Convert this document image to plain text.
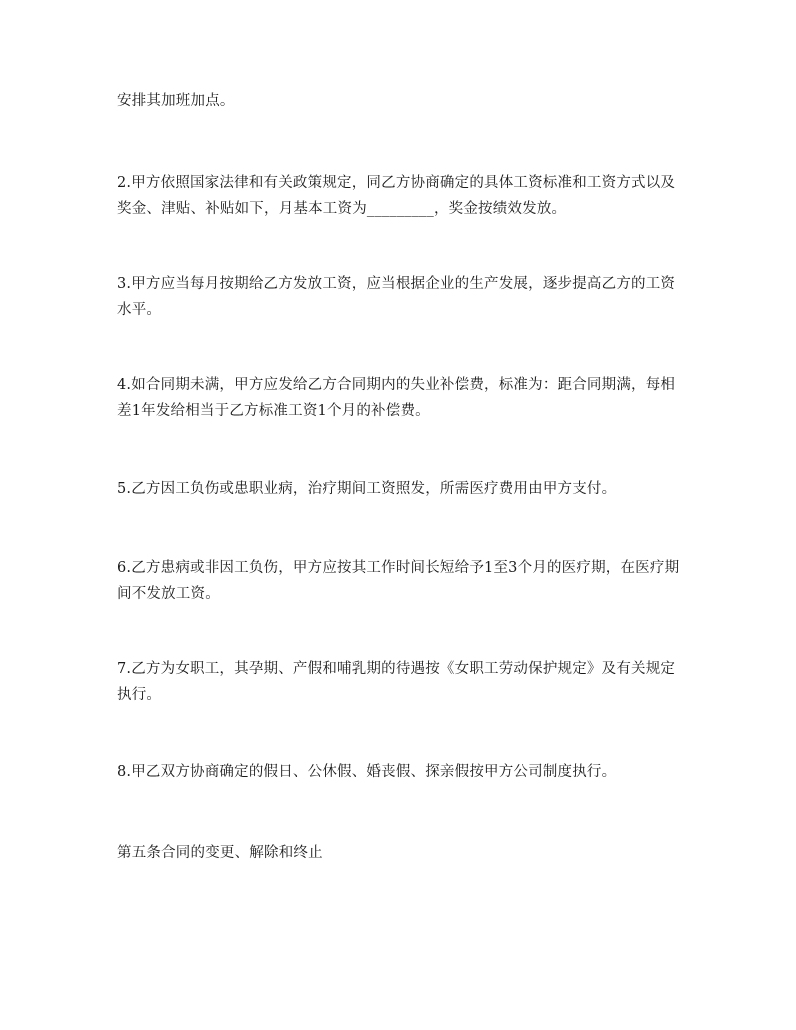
安排其加班加点。

2.甲方依照国家法律和有关政策规定，同乙方协商确定的具体工资标准和工资方式以及奖金、津贴、补贴如下，月基本工资为_________，奖金按绩效发放。

3.甲方应当每月按期给乙方发放工资，应当根据企业的生产发展，逐步提高乙方的工资水平。

4.如合同期未满，甲方应发给乙方合同期内的失业补偿费，标准为：距合同期满，每相差1年发给相当于乙方标准工资1个月的补偿费。

5.乙方因工负伤或患职业病，治疗期间工资照发，所需医疗费用由甲方支付。

6.乙方患病或非因工负伤，甲方应按其工作时间长短给予1至3个月的医疗期，在医疗期间不发放工资。

7.乙方为女职工，其孕期、产假和哺乳期的待遇按《女职工劳动保护规定》及有关规定执行。

8.甲乙双方协商确定的假日、公休假、婚丧假、探亲假按甲方公司制度执行。

第五条合同的变更、解除和终止
